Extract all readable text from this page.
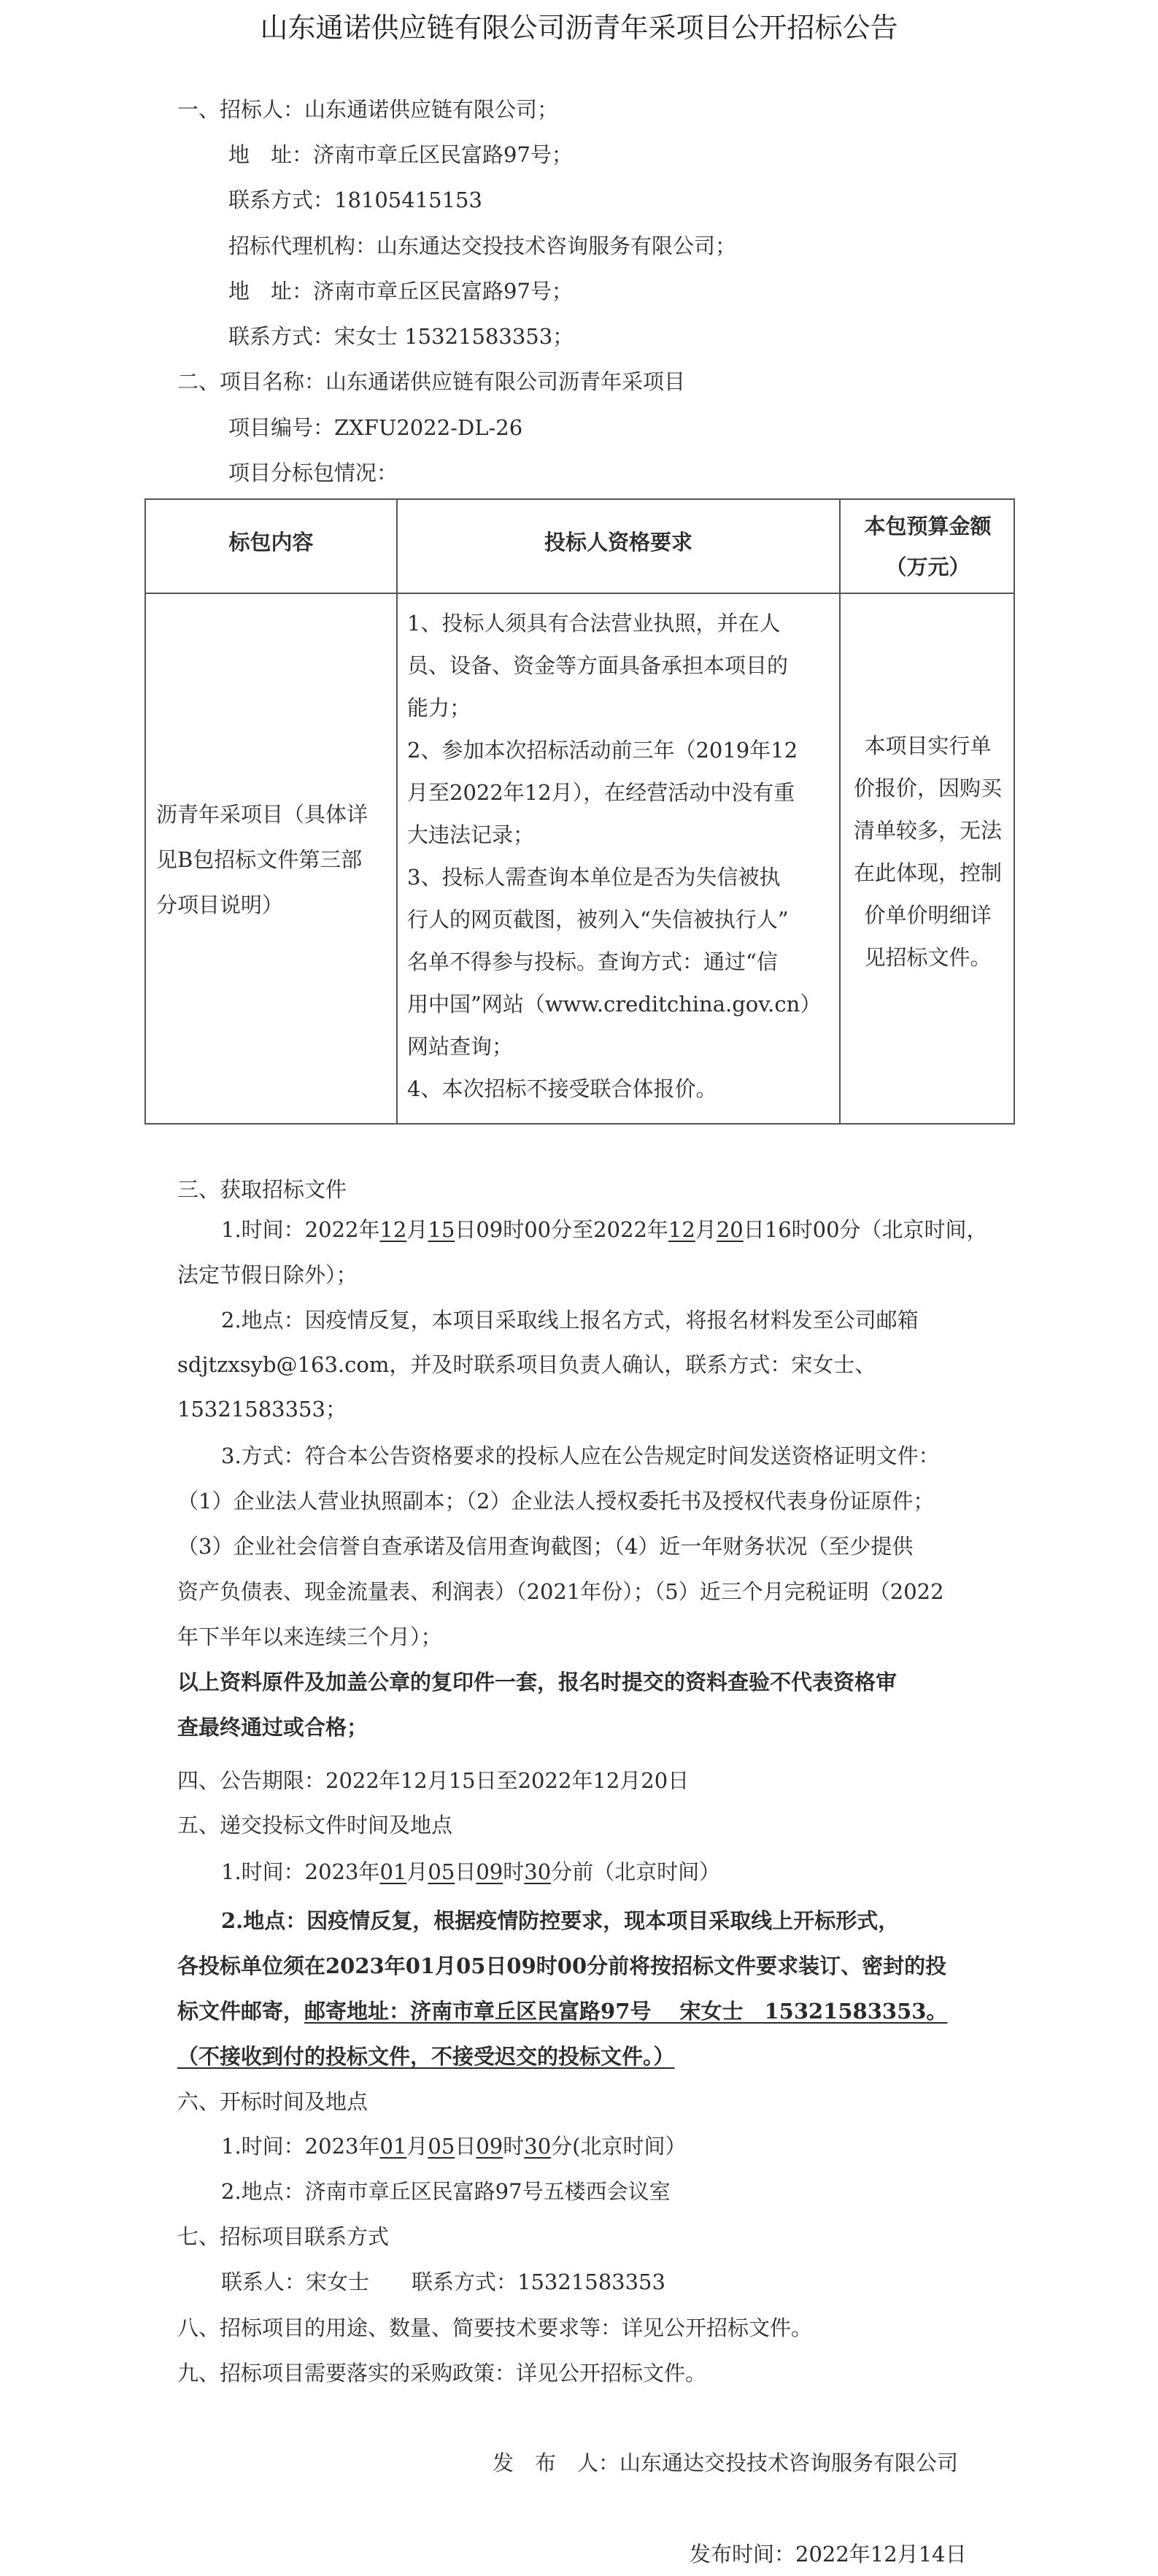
山东通诺供应链有限公司沥青年采项目公开招标公告
一、招标人：山东通诺供应链有限公司；
地　址：济南市章丘区民富路97号；
联系方式：18105415153
招标代理机构：山东通达交投技术咨询服务有限公司；
地　址：济南市章丘区民富路97号；
联系方式：宋女士 15321583353；
二、项目名称：山东通诺供应链有限公司沥青年采项目
项目编号：ZXFU2022-DL-26
项目分标包情况：
标包内容	投标人资格要求
本包预算金额
（万元）
沥青年采项目（具体详
见B包招标文件第三部
分项目说明）
1、投标人须具有合法营业执照，并在人
员、设备、资金等方面具备承担本项目的
能力；
2、参加本次招标活动前三年（2019年12
月至2022年12月），在经营活动中没有重
大违法记录；
3、投标人需查询本单位是否为失信被执
行人的网页截图，被列入“失信被执行人”
名单不得参与投标。查询方式：通过“信
用中国”网站（www.creditchina.gov.cn）
网站查询；
4、本次招标不接受联合体报价。
本项目实行单
价报价，因购买
清单较多，无法
在此体现，控制
价单价明细详
见招标文件。
三、获取招标文件
1.时间：2022年12月15日09时00分至2022年12月20日16时00分（北京时间，
法定节假日除外）；
2.地点：因疫情反复，本项目采取线上报名方式，将报名材料发至公司邮箱
sdjtzxsyb@163.com，并及时联系项目负责人确认，联系方式：宋女士、
15321583353；
3.方式：符合本公告资格要求的投标人应在公告规定时间发送资格证明文件：
（1）企业法人营业执照副本；（2）企业法人授权委托书及授权代表身份证原件；
（3）企业社会信誉自查承诺及信用查询截图；（4）近一年财务状况（至少提供
资产负债表、现金流量表、利润表）（2021年份）；（5）近三个月完税证明（2022
年下半年以来连续三个月）；
以上资料原件及加盖公章的复印件一套，报名时提交的资料查验不代表资格审
查最终通过或合格；
四、公告期限：2022年12月15日至2022年12月20日
五、递交投标文件时间及地点
1.时间：2023年01月05日09时30分前（北京时间）
2.地点：因疫情反复，根据疫情防控要求，现本项目采取线上开标形式，
各投标单位须在2023年01月05日09时00分前将按招标文件要求装订、密封的投
标文件邮寄，邮寄地址：济南市章丘区民富路97号　 宋女士　15321583353。
（不接收到付的投标文件，不接受迟交的投标文件。）
六、开标时间及地点
1.时间：2023年01月05日09时30分(北京时间）
2.地点：济南市章丘区民富路97号五楼西会议室
七、招标项目联系方式
联系人：宋女士　　联系方式：15321583353
八、招标项目的用途、数量、简要技术要求等：详见公开招标文件。
九、招标项目需要落实的采购政策：详见公开招标文件。
发　布　人：山东通达交投技术咨询服务有限公司
发布时间：2022年12月14日
